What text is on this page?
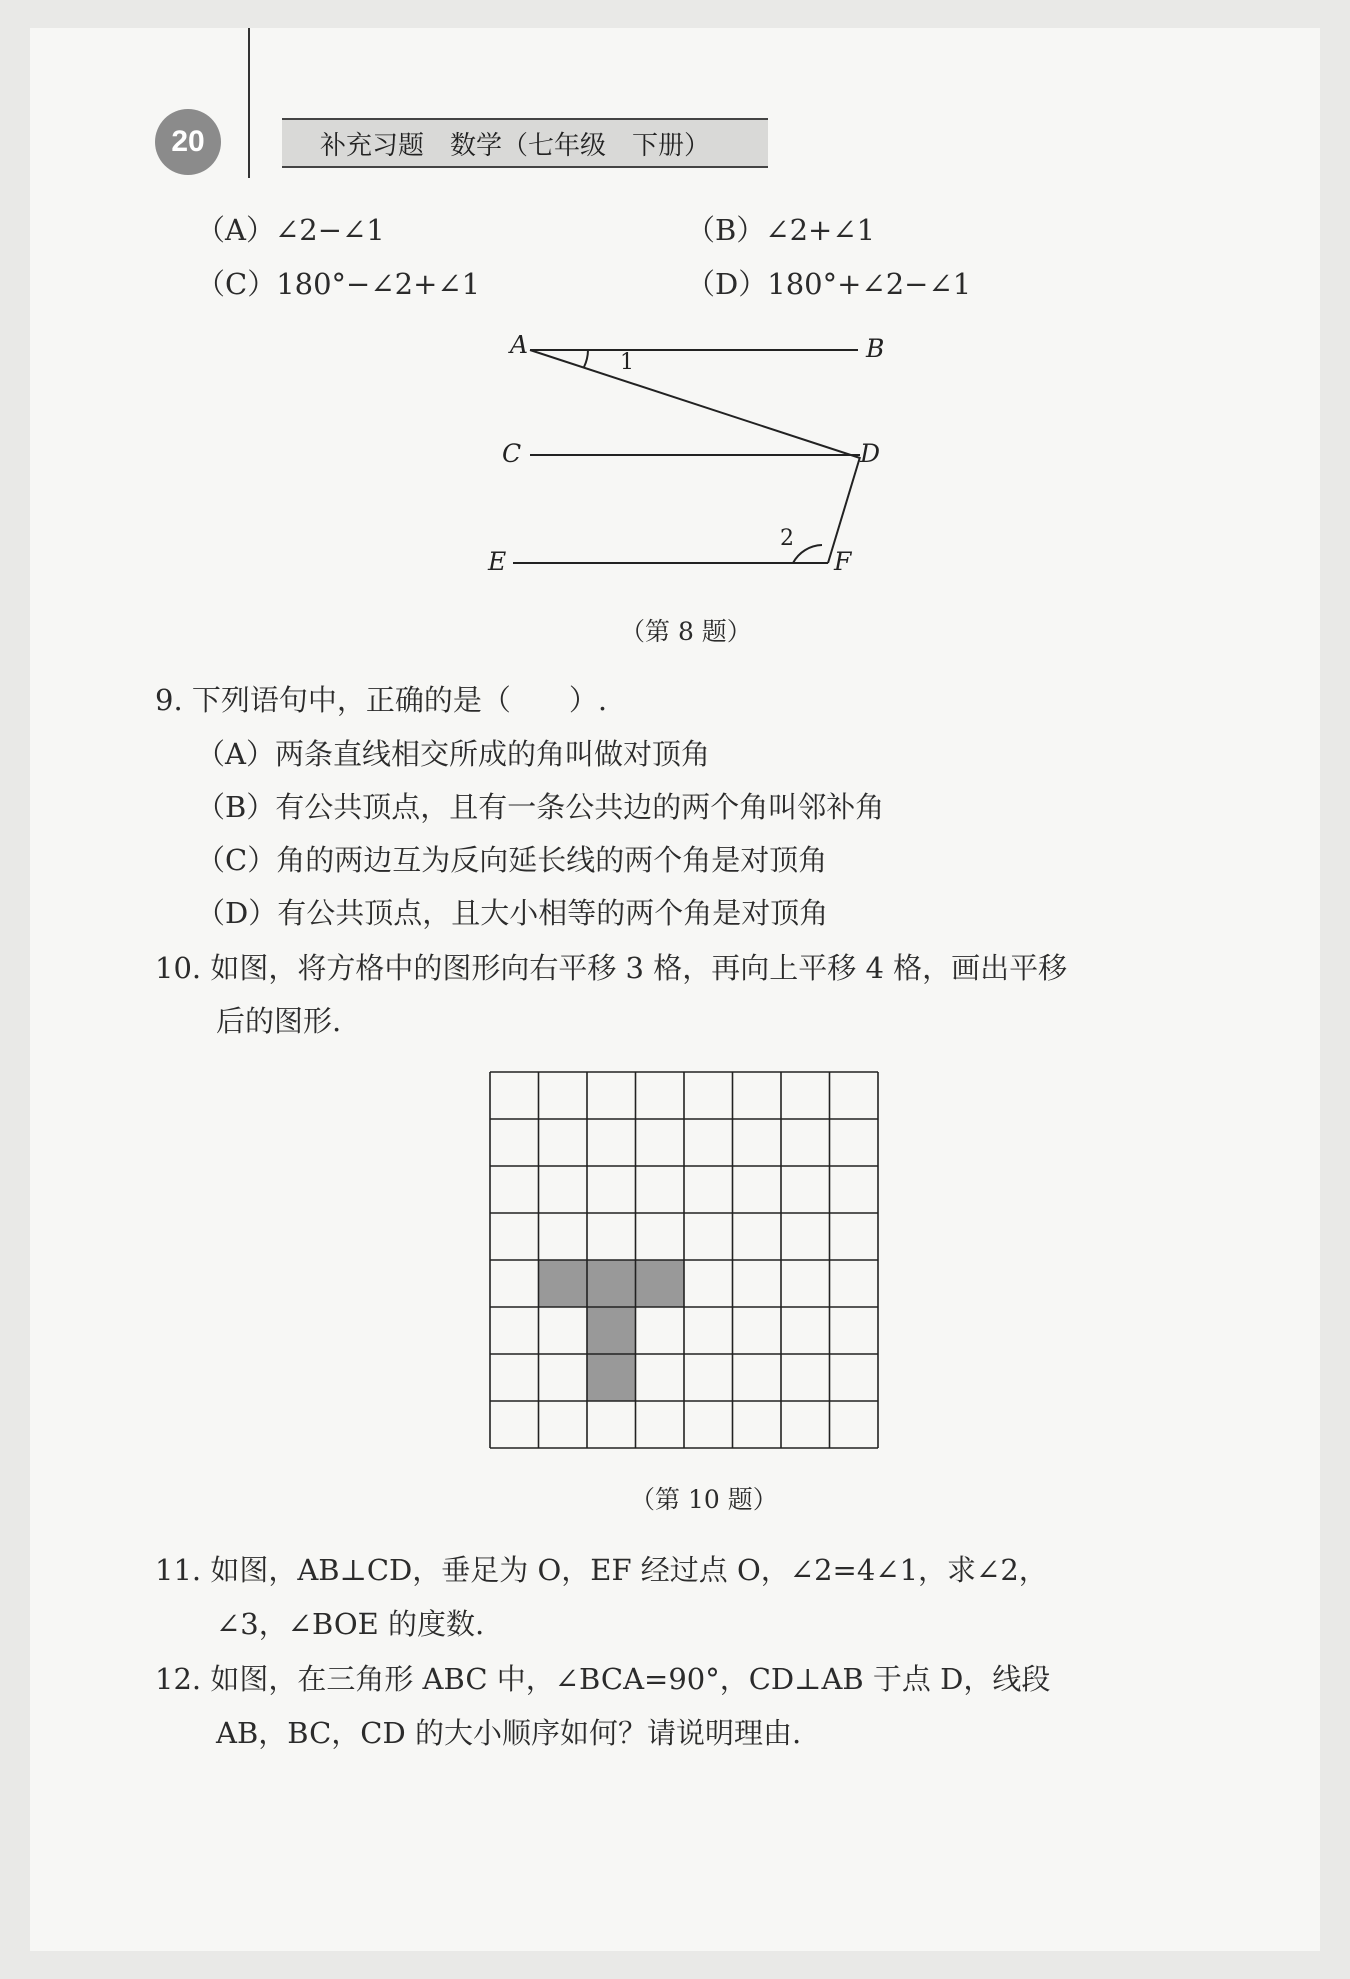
20	补充习题　数学（七年级　下册）
（A）∠2−∠1	（B）∠2+∠1
（C）180°−∠2+∠1	（D）180°+∠2−∠1
A	B
C	D
E	F
1
2
（第 8 题）
9. 下列语句中，正确的是（　　）.
（A）两条直线相交所成的角叫做对顶角
（B）有公共顶点，且有一条公共边的两个角叫邻补角
（C）角的两边互为反向延长线的两个角是对顶角
（D）有公共顶点，且大小相等的两个角是对顶角
10. 如图，将方格中的图形向右平移 3 格，再向上平移 4 格，画出平移
后的图形.
（第 10 题）
11. 如图，AB⊥CD，垂足为 O，EF 经过点 O，∠2=4∠1，求∠2，
∠3，∠BOE 的度数.
12. 如图，在三角形 ABC 中，∠BCA=90°，CD⊥AB 于点 D，线段
AB，BC，CD 的大小顺序如何？请说明理由.
